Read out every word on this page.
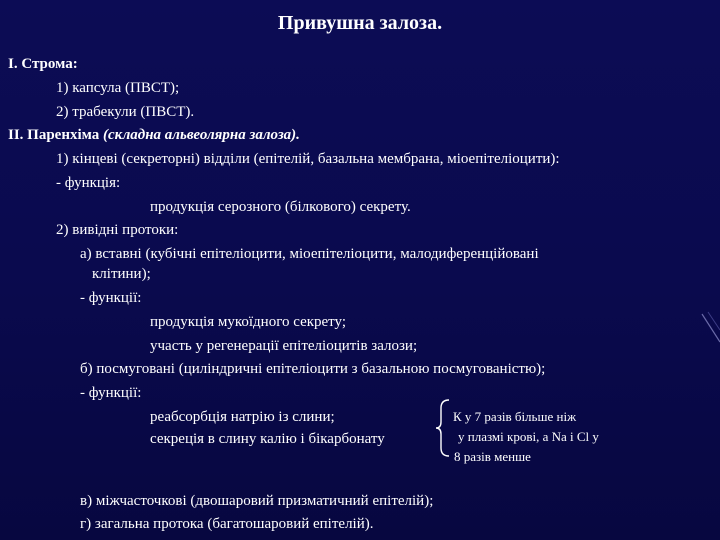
Привушна залоза.
І. Строма:
1) капсула (ПВСТ);
2) трабекули (ПВСТ).
ІІ. Паренхіма (складна альвеолярна залоза).
1) кінцеві (секреторні) відділи (епітелій, базальна мембрана, міоепітеліоцити):
- функція:
продукція серозного (білкового) секрету.
2) вивідні протоки:
а) вставні (кубічні епітеліоцити, міоепітеліоцити, малодиференційовані
клітини);
- функції:
продукція мукоїдного секрету;
участь у регенерації епітеліоцитів залози;
б) посмуговані (циліндричні епітеліоцити з базальною посмугованістю);
- функції:
реабсорбція натрію із слини;
секреція в слину калію і бікарбонату
К у 7 разів більше ніж
у плазмі крові, а Na і Cl у
8 разів менше
в) міжчасточкові (двошаровий призматичний епітелій);
г) загальна протока (багатошаровий епітелій).
